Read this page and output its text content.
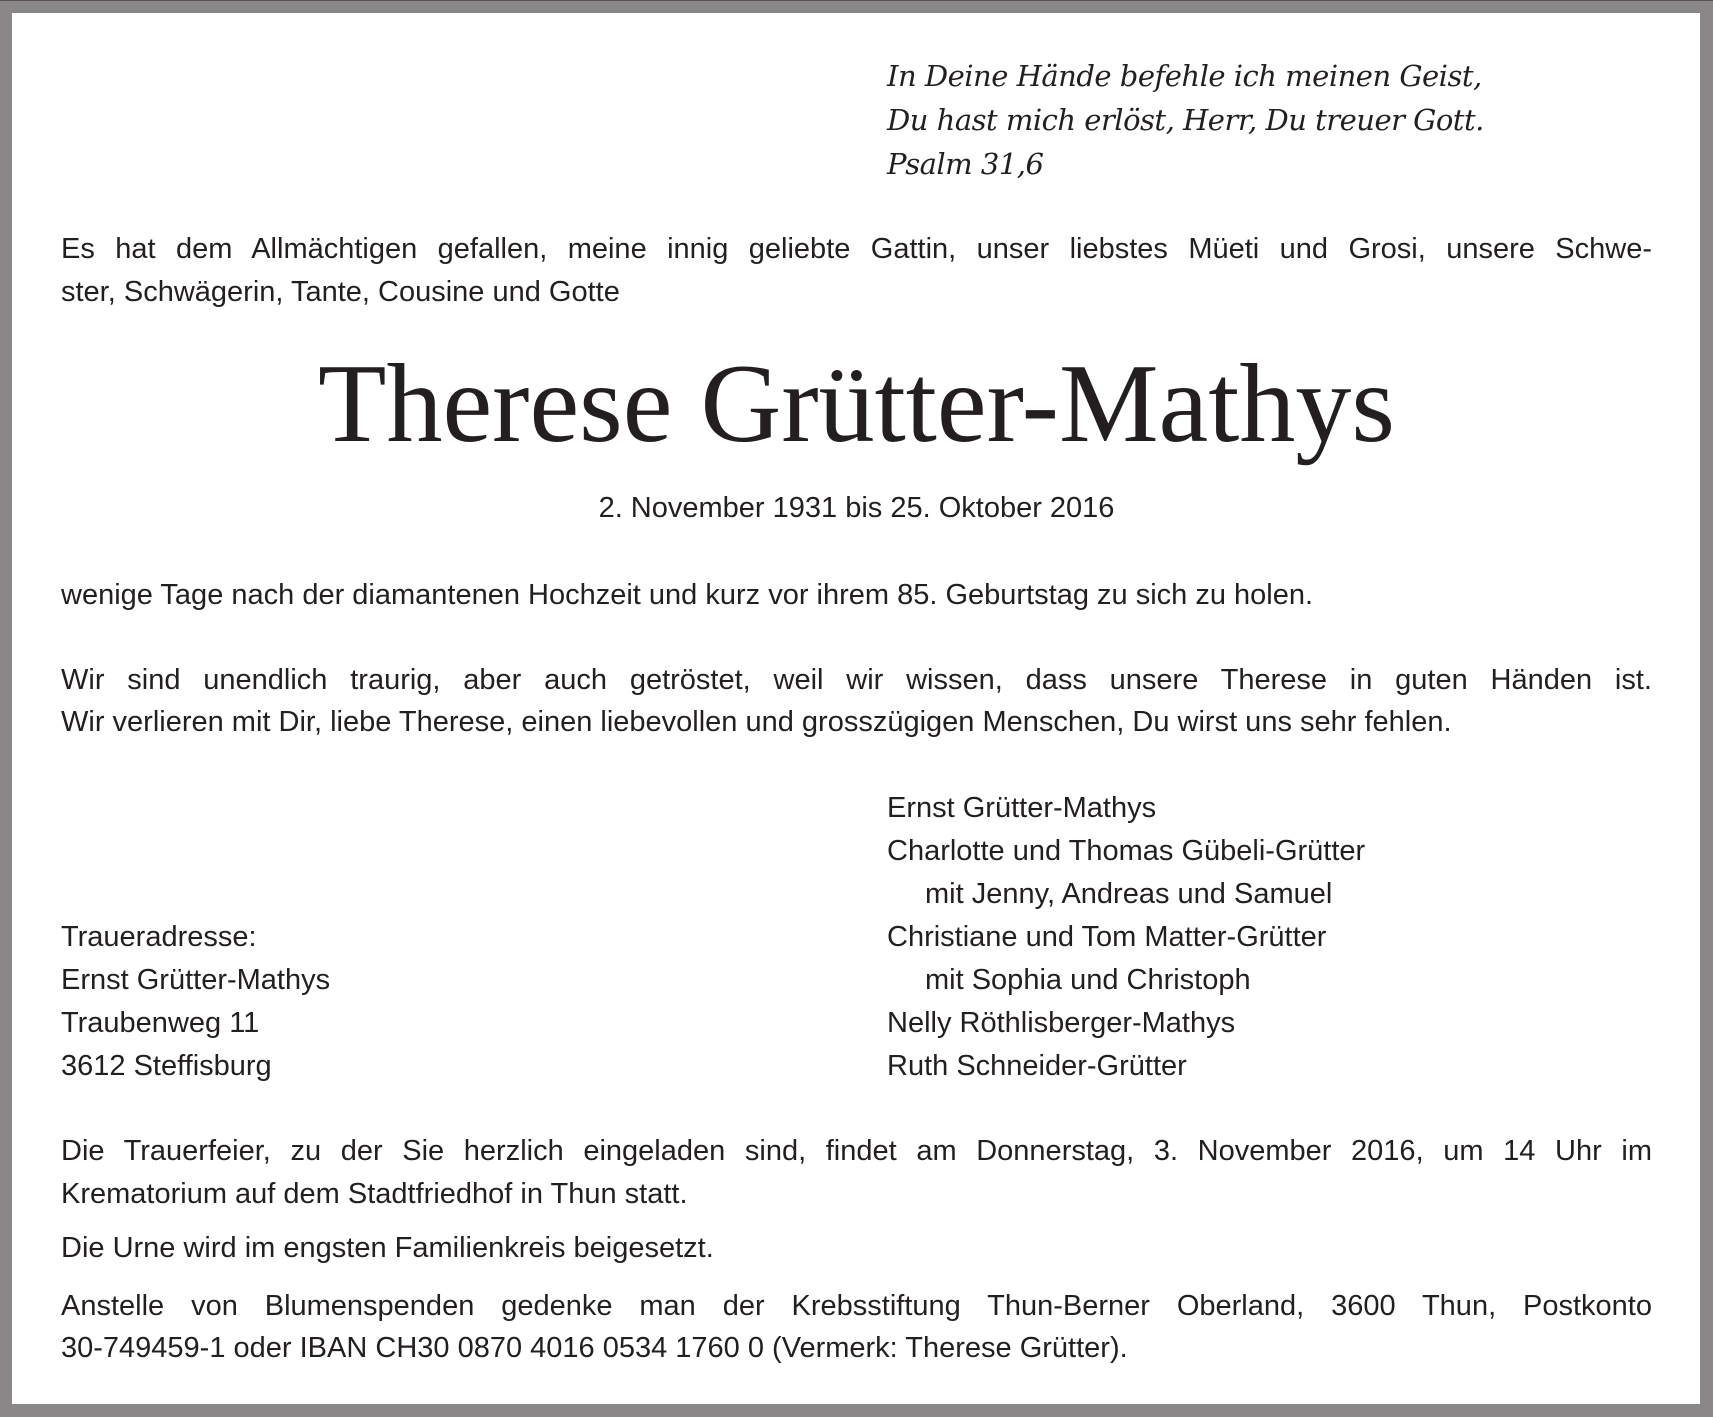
In Deine Hände befehle ich meinen Geist,
Du hast mich erlöst, Herr, Du treuer Gott.
Psalm 31,6
Es hat dem Allmächtigen gefallen, meine innig geliebte Gattin, unser liebstes Müeti und Grosi, unsere Schwe-
ster, Schwägerin, Tante, Cousine und Gotte
Therese Grütter-Mathys
2. November 1931 bis 25. Oktober 2016
wenige Tage nach der diamantenen Hochzeit und kurz vor ihrem 85. Geburtstag zu sich zu holen.
Wir sind unendlich traurig, aber auch getröstet, weil wir wissen, dass unsere Therese in guten Händen ist.
Wir verlieren mit Dir, liebe Therese, einen liebevollen und grosszügigen Menschen, Du wirst uns sehr fehlen.
Ernst Grütter-Mathys
Charlotte und Thomas Gübeli-Grütter
mit Jenny, Andreas und Samuel
Christiane und Tom Matter-Grütter
mit Sophia und Christoph
Nelly Röthlisberger-Mathys
Ruth Schneider-Grütter
Traueradresse:
Ernst Grütter-Mathys
Traubenweg 11
3612 Steffisburg
Die Trauerfeier, zu der Sie herzlich eingeladen sind, findet am Donnerstag, 3. November 2016, um 14 Uhr im
Krematorium auf dem Stadtfriedhof in Thun statt.
Die Urne wird im engsten Familienkreis beigesetzt.
Anstelle von Blumenspenden gedenke man der Krebsstiftung Thun-Berner Oberland, 3600 Thun, Postkonto
30-749459-1 oder IBAN CH30 0870 4016 0534 1760 0 (Vermerk: Therese Grütter).
